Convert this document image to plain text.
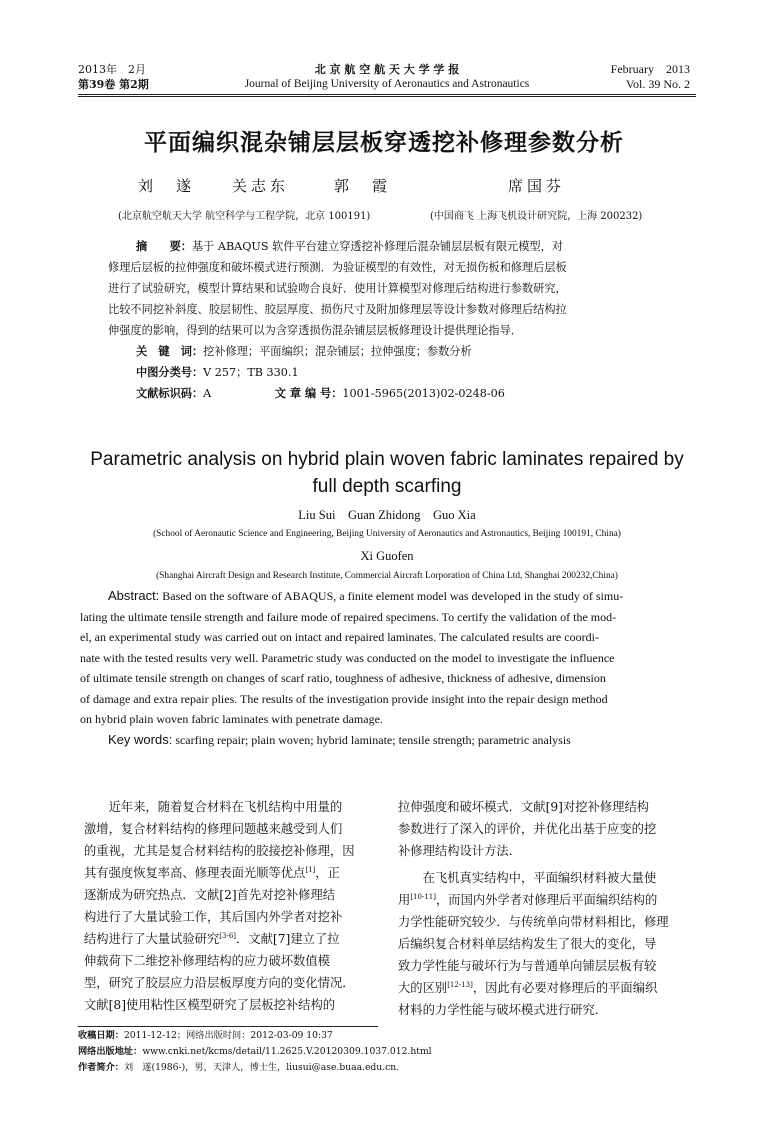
2013年　2月
第39卷 第2期
北 京 航 空 航 天 大 学 学 报
Journal of Beijing University of Aeronautics and Astronautics
February　2013
Vol. 39 No. 2
平面编织混杂铺层层板穿透挖补修理参数分析
刘　遂 关志东	郭　霞	席国芬
(北京航空航天大学 航空科学与工程学院，北京 100191)	(中国商飞 上海飞机设计研究院，上海 200232)
摘　　要：基于 ABAQUS 软件平台建立穿透挖补修理后混杂铺层层板有限元模型，对
修理后层板的拉伸强度和破坏模式进行预测．为验证模型的有效性，对无损伤板和修理后层板
进行了试验研究，模型计算结果和试验吻合良好．使用计算模型对修理后结构进行参数研究，
比较不同挖补斜度、胶层韧性、胶层厚度、损伤尺寸及附加修理层等设计参数对修理后结构拉
伸强度的影响，得到的结果可以为含穿透损伤混杂铺层层板修理设计提供理论指导．
关　键　词：挖补修理；平面编织；混杂铺层；拉伸强度；参数分析
中图分类号：V 257；TB 330.1
文献标识码：A	文 章 编 号：1001-5965(2013)02-0248-06
Parametric analysis on hybrid plain woven fabric laminates repaired by full depth scarfing
Liu Sui　Guan Zhidong　Guo Xia
(School of Aeronautic Science and Engineering, Beijing University of Aeronautics and Astronautics, Beijing 100191, China)
Xi Guofen
(Shanghai Aircraft Design and Research Institute, Commercial Aircraft Lorporation of China Ltd, Shanghai 200232,China)
Abstract: Based on the software of ABAQUS, a finite element model was developed in the study of simu-
lating the ultimate tensile strength and failure mode of repaired specimens. To certify the validation of the mod-
el, an experimental study was carried out on intact and repaired laminates. The calculated results are coordi-
nate with the tested results very well. Parametric study was conducted on the model to investigate the influence
of ultimate tensile strength on changes of scarf ratio, toughness of adhesive, thickness of adhesive, dimension
of damage and extra repair plies. The results of the investigation provide insight into the repair design method
on hybrid plain woven fabric laminates with penetrate damage.
Key words: scarfing repair; plain woven; hybrid laminate; tensile strength; parametric analysis
近年来，随着复合材料在飞机结构中用量的
激增，复合材料结构的修理问题越来越受到人们
的重视，尤其是复合材料结构的胶接挖补修理，因
其有强度恢复率高、修理表面光顺等优点[1]，正
逐渐成为研究热点．文献[2]首先对挖补修理结
构进行了大量试验工作，其后国内外学者对挖补
结构进行了大量试验研究[3-6]．文献[7]建立了拉
伸载荷下二维挖补修理结构的应力破坏数值模
型，研究了胶层应力沿层板厚度方向的变化情况．
文献[8]使用粘性区模型研究了层板挖补结构的
拉伸强度和破坏模式．文献[9]对挖补修理结构
参数进行了深入的评价，并优化出基于应变的挖
补修理结构设计方法．
在飞机真实结构中，平面编织材料被大量使
用[10-11]，而国内外学者对修理后平面编织结构的
力学性能研究较少．与传统单向带材料相比，修理
后编织复合材料单层结构发生了很大的变化，导
致力学性能与破坏行为与普通单向铺层层板有较
大的区别[12-13]，因此有必要对修理后的平面编织
材料的力学性能与破坏模式进行研究．
收稿日期：2011-12-12；网络出版时间：2012-03-09 10:37
网络出版地址：www.cnki.net/kcms/detail/11.2625.V.20120309.1037.012.html
作者简介：刘　遂(1986-)，男，天津人，博士生，liusui@ase.buaa.edu.cn.
